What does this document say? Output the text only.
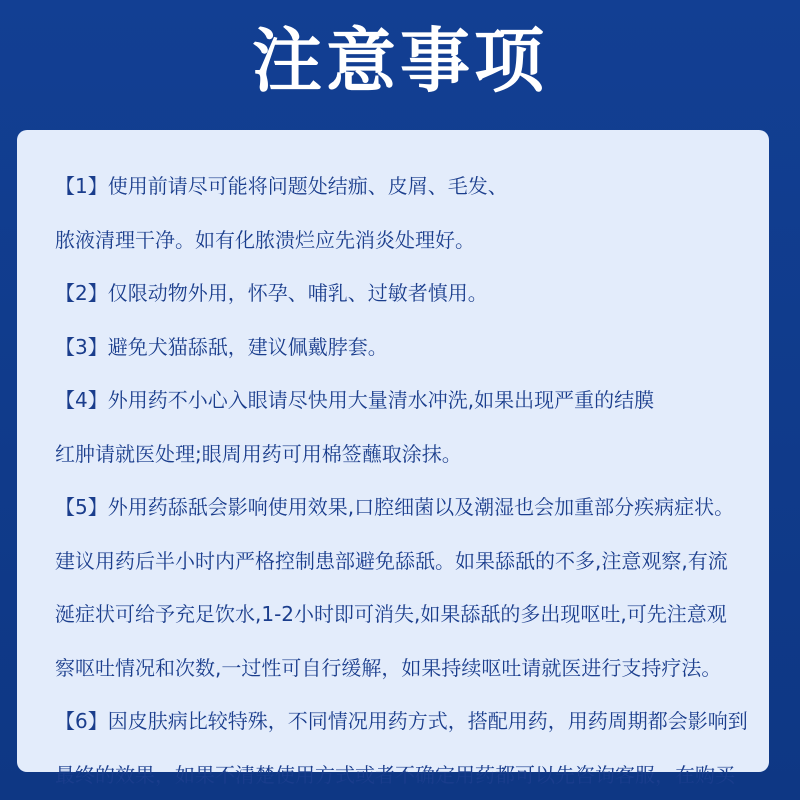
注意事项
【1】使用前请尽可能将问题处结痂、皮屑、毛发、
脓液清理干净。如有化脓溃烂应先消炎处理好。
【2】仅限动物外用，怀孕、哺乳、过敏者慎用。
【3】避免犬猫舔舐，建议佩戴脖套。
【4】外用药不小心入眼请尽快用大量清水冲洗,如果出现严重的结膜
红肿请就医处理;眼周用药可用棉签蘸取涂抹。
【5】外用药舔舐会影响使用效果,口腔细菌以及潮湿也会加重部分疾病症状。
建议用药后半小时内严格控制患部避免舔舐。如果舔舐的不多,注意观察,有流
涎症状可给予充足饮水,1-2小时即可消失,如果舔舐的多出现呕吐,可先注意观
察呕吐情况和次数,一过性可自行缓解，如果持续呕吐请就医进行支持疗法。
【6】因皮肤病比较特殊，不同情况用药方式，搭配用药，用药周期都会影响到
最终的效果，如果不清楚使用方式或者不确定用药都可以先咨询客服，在购买
